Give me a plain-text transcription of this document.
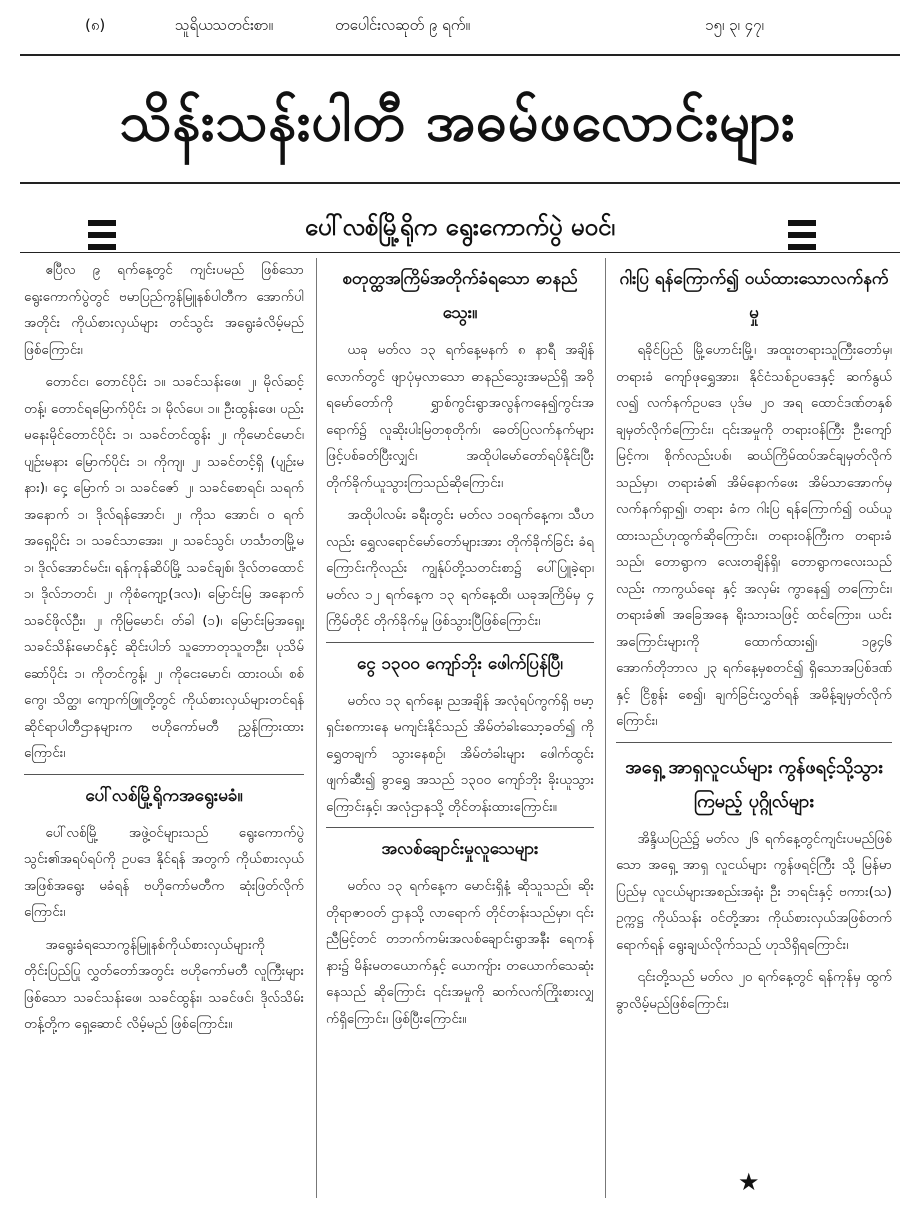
(၈)	သူရိယသတင်းစာ။	တပေါင်းလဆုတ် ၉ ရက်။	၁၅၊ ၃၊ ၄၇၊
သိန်းသန်းပါတီ အဓမ်ဖလောင်းများ
ပေါ်လစ်မြို့ရိုက ရွေးကောက်ပွဲ မဝင်၊

ဧပြီလ ၉ ရက်နေ့တွင် ကျင်းပမည် ဖြစ်သော ရွေးကောက်ပွဲတွင် ဗမာပြည်ကွန်မြူနစ်ပါတီက အောက်ပါအတိုင်း ကိုယ်စားလှယ်များ တင်သွင်း အရွေးခံလိမ့်မည် ဖြစ်ကြောင်း၊

တောင်င၊ တောင်ပိုင်း ၁။ သခင်သန်းဖေ၊ ၂၊ မိုလ်ဆင့်တန့်၊ တောင်ရမြောက်ပိုင်း ၁၊ မိုလ်ပေ၊ ၁။ ဦးထွန်းဖေ၊ ပည်းမနေးမိုင်တောင်ပိုင်း ၁၊ သခင်တင်ထွန်း ၂၊ ကိုမောင်မောင်၊ ပျဉ်းမနား မြောက်ပိုင်း ၁၊ ကိုကျ၊ ၂၊ သခင်တင့်ရှိ (ပျဉ်းမနား)၊ ငှေ့ မြောက် ၁၊ သခင်ဇော် ၂၊ သခင်စောရင်၊ သရက်အနောက် ၁၊ ဒိုလ်ရန်အောင်၊ ၂၊ ကိုသ အောင်၊ ဝ ရက် အရှေ့ပိုင်း ၁၊ သခင်သာအေး၊ ၂၊ သခင်သွင်၊ ဟင်္သာတမြို့မ ၁၊ ဒိုလ်အောင်မင်း၊ ရန်ကုန်ဆိပ်မြို့ သခင်ချစ်၊ ဒိုလ်တထောင် ၁၊ ဒိုလ်ဘတင်၊ ၂၊ ကိုစံကျော့(ဒလ)၊ မြောင်းမြ အနောက် သခင်ဖိုလ်ဦး၊ ၂၊ ကိုမြမောင်၊ တ်ခါ (၁)၊ မြောင်းမြအရှေ့၊ သခင်သိန်းမောင်နှင့် ဆိုင်းပါဘ် သူဘောတုသူတဦး၊ ပုသိမ်ဆော်ပိုင်း ၁၊ ကိုတင်ကွန့်၊ ၂၊ ကိုငေးမောင်၊ ထားဝယ်၊ စစ်ကွေ၊ သိတ္ထ၊ ကျောက်ဖြူတို့တွင် ကိုယ်စားလှယ်များတင်ရန်ဆိုင်ရာပါတီဌာနများက ဗဟိုကော်မတီ ညွှန်ကြားထားကြောင်း၊

ပေါ်လစ်မြို့ရိုကအရွေးမခံ။

ပေါ်လစ်မြို့ အဖွဲ့ဝင်များသည် ရွေးကောက်ပွဲသွင်း၏အရပ်ရပ်ကို ဥပဒေ နိုင်ရန် အတွက် ကိုယ်စားလှယ်အဖြစ်အရွေး မခံရန် ဗဟိုကော်မတီက ဆုံးဖြတ်လိုက်ကြောင်း၊

အရွေးခံရသောကွန်မြူနစ်ကိုယ်စားလှယ်များကို တိုင်းပြည်ပြု လွှတ်တော်အတွင်း ဗဟိုကော်မတီ လူကြီးများဖြစ်သော သခင်သန်းဖေ၊ သခင်ထွန်း၊ သခင်ဖင်၊ ဒိုလ်သိမ်းတန့်တို့က ရှေ့ဆောင် လိမ့်မည် ဖြစ်ကြောင်း။

စတုတ္ထအကြိမ်အတိုက်ခံရသော ဓာနည်သွေး။

ယခု မတ်လ ၁၃ ရက်နေ့မနက် ၈ နာရီ အချိန်လောက်တွင် ဖျာပုံမှလာသော ဓာနည်သွေးအမည်ရှိ အဝိုရမော်တော်ကို ရွှာစ်ကွင်းရွာအလွန်ကနေ၍ကွင်းအရောက်၌ လူဆိုးပါးမြတစုတိုက်၊ ခေတ်ပြလက်နက်များဖြင့်ပစ်ခတ်ပြီးလျှင်၊ အထိုပါမော်တော်ရပ်နိုင်းပြီး တိုက်ခိုက်ယူသွားကြသည်ဆိုကြောင်း၊

အထိုပါလမ်း ခရီးတွင်း မတ်လ ၁၀ရက်နေ့က၊ သီဟလည်း ရွှေလရောင်မော်တော်များအား တိုက်ခိုက်ခြင်း ခံရ ကြောင်းကိုလည်း ကျွန်ုပ်တို့သတင်းစာ၌ ပေါ်ပြူခဲ့ရာ၊ မတ်လ ၁၂ ရက်နေ့က ၁၃ ရက်နေ့ထိ၊ ယခုအကြိမ်မှ ၄ ကြိမ်တိုင် တိုက်ခိုက်မှု ဖြစ်သွားပြီဖြစ်ကြောင်း၊

ငွေ ၁၃၀၀ ကျော်ဘိုး ဖေါက်ပြန်ပြီ၊

မတ်လ ၁၃ ရက်နေ့၊ ညအချိန် အလုံရပ်ကွက်ရှိ ဗမာ့ရှင်းစကားနေ မကျင်းနိုင်သည် အိမ်တံခါးသော့ခတ်၍ ကိုရွှေတချက် သွားနေစဉ်၊ အိမ်တံခါးများ ဖေါက်ထွင်းဖျက်ဆီး၍ ခွာရွှေ အသည် ၁၃၀၀ ကျော်ဘိုး ခိုးယူသွားကြောင်းနှင့်၊ အလုံဌာနသို့ တိုင်တန်းထားကြောင်း။

အလစ်ချောင်းမှုလူသေများ

မတ်လ ၁၃ ရက်နေ့က မောင်းရှိနံ့ ဆိုသူသည်၊ ဆိုးတိုရာဇာဝတ် ဌာနသို့ လာရောက် တိုင်တန်းသည်မှာ၊ ၎င်းညီမြင့်တင် တဘက်ကမ်းအလစ်ချောင်းရွာအနီး ရေကန်နား၌ မိန်းမတယောက်နှင့် ယောကျ်ား တယောက်သေဆုံးနေသည် ဆိုကြောင်း ၎င်းအမှုကို ဆက်လက်ကြိုးစားလျှက်ရှိကြောင်း၊ ဖြစ်ပြီးကြောင်း။

ဂါးပြ ရန်ကြောက်၍ ဝယ်ထားသောလက်နက်မှု

ရခိုင်ပြည် မြို့ဟောင်းမြို့၊ အထူးတရားသူကြီးတော်မှ၊ တရားခံ ကျော်ဖုရွှေအား၊ နိုင်ငံသစ်ဥပဒေနှင့် ဆက်နွယ်လ၍ လက်နက်ဥပဒေ ပုဒ်မ ၂၀ အရ ထောင်ဒဏ်တနှစ်ချမှတ်လိုက်ကြောင်း၊ ၎င်းအမှုကို တရားဝန်ကြီး ဦးကျော်မြင့်က၊ စိုက်လည်းပစ်၊ ဆယ်ကြိမ်ထပ်အင်ချမှတ်လိုက်သည်မှာ၊ တရားခံ၏ အိမ်နောက်ဖေး အိမ်သာအောက်မှ လက်နက်ရှာ၍၊ တရား ခံက ဂါးပြ ရန်ကြောက်၍ ဝယ်ယူထားသည်ဟုထွက်ဆိုကြောင်း၊ တရားဝန်ကြီးက တရားခံသည်၊ တောရွာက လေးတချိန်ရှိ၊ တောရွာကလေးသည်လည်း ကာကွယ်ရေး နှင့် အလှမ်း ကွာနေ၍ တကြောင်း၊ တရားခံ၏ အခြေအနေ ရိုးသားသဖြင့် ထင်ကြေား၊ ယင်းအကြောင်းများကို ထောက်ထား၍၊ ၁၉၄၆ အောက်တိုဘာလ ၂၃ ရက်နေ့မှစတင်၍ ရှိသောအပြစ်ဒဏ်နှင့် ငြိစွန်း စေ၍၊ ချက်ခြင်းလွှတ်ရန် အမိန့်ချမှတ်လိုက်ကြောင်း၊

အရှေ့ အာရှလူငယ်များ ကွန်ဖရင့်သို့သွားကြမည့် ပုဂ္ဂိုလ်များ

အိန္ဒိယပြည်၌ မတ်လ ၂၆ ရက်နေ့တွင်ကျင်းပမည်ဖြစ်သော အရှေ့ အာရှ လူငယ်များ ကွန်ဖရင့်ကြီး သို့ မြန်မာပြည်မှ လူငယ်များအစည်းအရုံး ဦး ဘရင်းနှင့် ဗကား(သ) ဥက္ကဋ္ဌ ကိုယ်သန်း ဝင်တို့အား ကိုယ်စားလှယ်အဖြစ်တက်ရောက်ရန် ရွေးချယ်လိုက်သည် ဟုသိရှိရကြောင်း၊

၎င်းတို့သည် မတ်လ ၂၀ ရက်နေ့တွင် ရန်ကုန်မှ ထွက်ခွာလိမ့်မည်ဖြစ်ကြောင်း၊

★
